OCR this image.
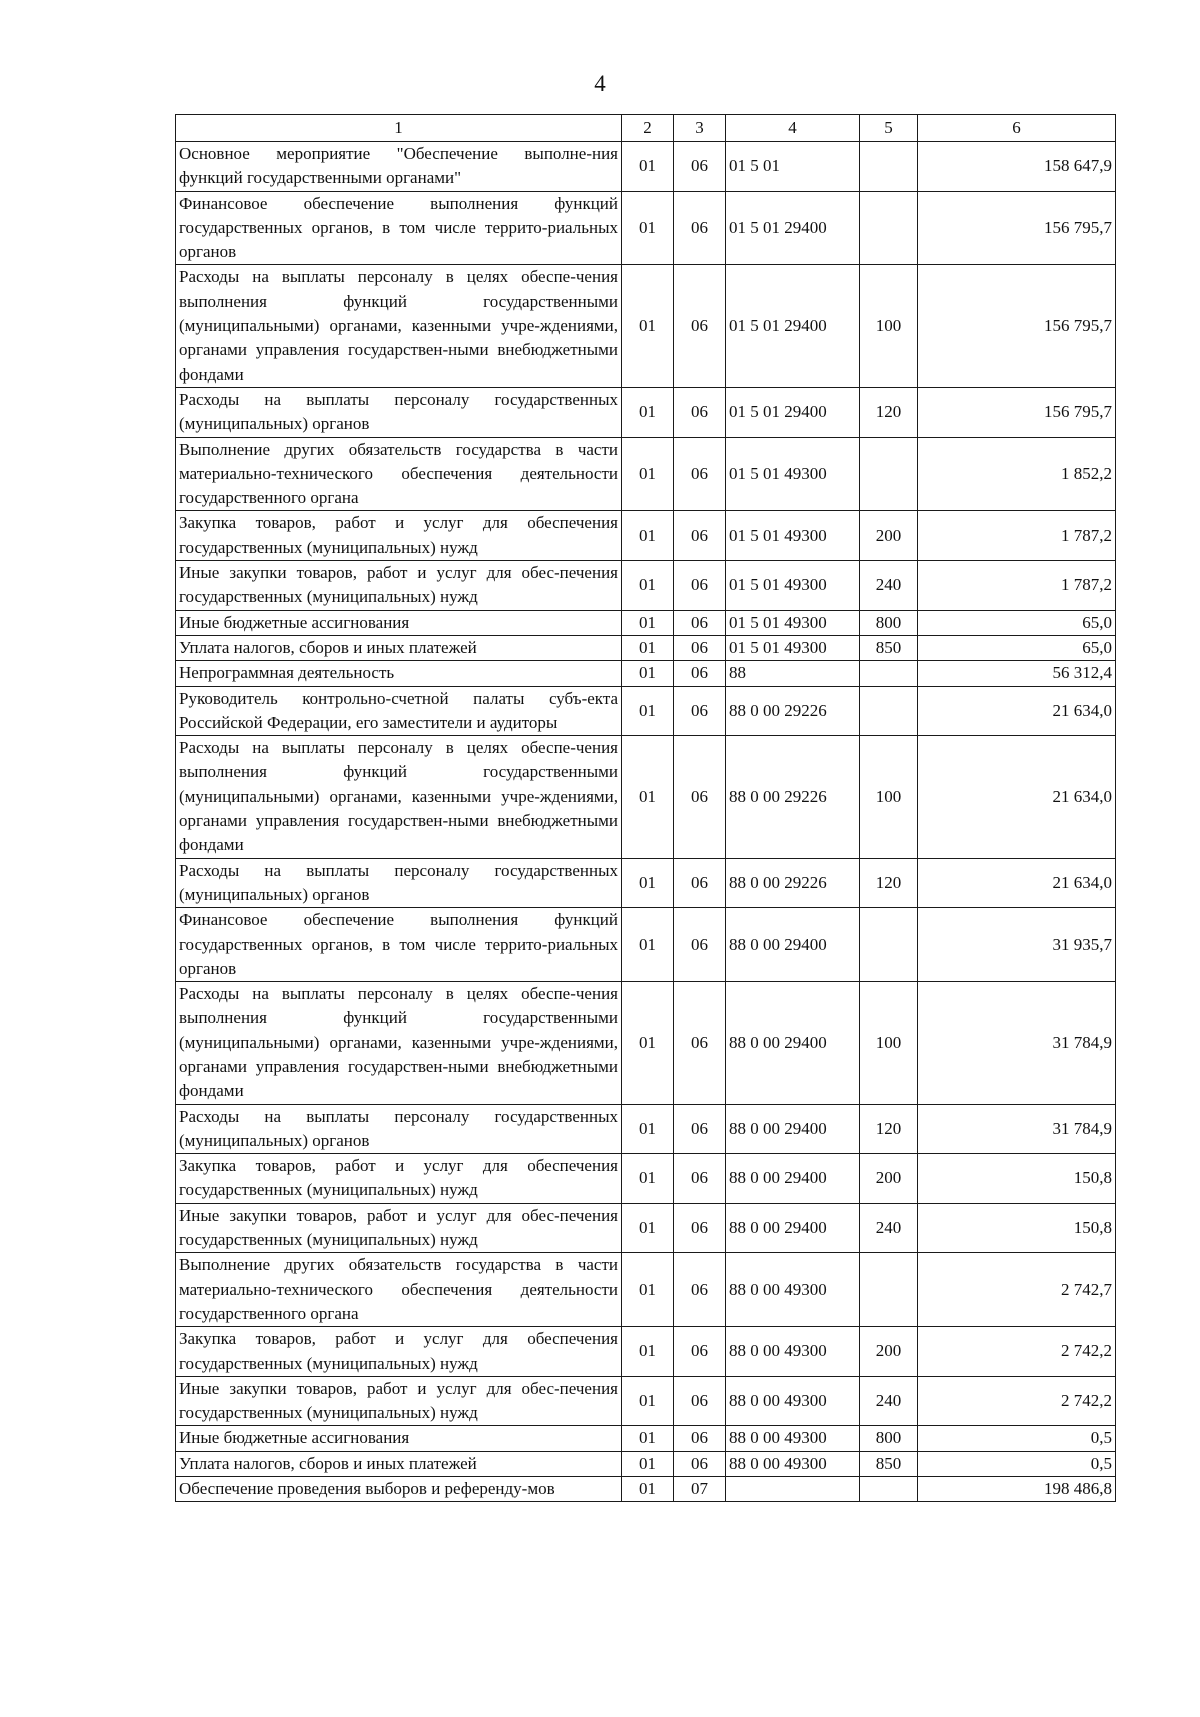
4
1	2	3	4	5	6
Основное мероприятие "Обеспечение выполне-ния функций государственными органами"	01	06	01 5 01		158 647,9
Финансовое обеспечение выполнения функций государственных органов, в том числе террито-риальных органов	01	06	01 5 01 29400		156 795,7
Расходы на выплаты персоналу в целях обеспе-чения выполнения функций государственными (муниципальными) органами, казенными учре-ждениями, органами управления государствен-ными внебюджетными фондами	01	06	01 5 01 29400	100	156 795,7
Расходы на выплаты персоналу государственных (муниципальных) органов	01	06	01 5 01 29400	120	156 795,7
Выполнение других обязательств государства в части материально-технического обеспечения деятельности государственного органа	01	06	01 5 01 49300		1 852,2
Закупка товаров, работ и услуг для обеспечения государственных (муниципальных) нужд	01	06	01 5 01 49300	200	1 787,2
Иные закупки товаров, работ и услуг для обес-печения государственных (муниципальных) нужд	01	06	01 5 01 49300	240	1 787,2
Иные бюджетные ассигнования	01	06	01 5 01 49300	800	65,0
Уплата налогов, сборов и иных платежей	01	06	01 5 01 49300	850	65,0
Непрограммная деятельность	01	06	88		56 312,4
Руководитель контрольно-счетной палаты субъ-екта Российской Федерации, его заместители и аудиторы	01	06	88 0 00 29226		21 634,0
Расходы на выплаты персоналу в целях обеспе-чения выполнения функций государственными (муниципальными) органами, казенными учре-ждениями, органами управления государствен-ными внебюджетными фондами	01	06	88 0 00 29226	100	21 634,0
Расходы на выплаты персоналу государственных (муниципальных) органов	01	06	88 0 00 29226	120	21 634,0
Финансовое обеспечение выполнения функций государственных органов, в том числе террито-риальных органов	01	06	88 0 00 29400		31 935,7
Расходы на выплаты персоналу в целях обеспе-чения выполнения функций государственными (муниципальными) органами, казенными учре-ждениями, органами управления государствен-ными внебюджетными фондами	01	06	88 0 00 29400	100	31 784,9
Расходы на выплаты персоналу государственных (муниципальных) органов	01	06	88 0 00 29400	120	31 784,9
Закупка товаров, работ и услуг для обеспечения государственных (муниципальных) нужд	01	06	88 0 00 29400	200	150,8
Иные закупки товаров, работ и услуг для обес-печения государственных (муниципальных) нужд	01	06	88 0 00 29400	240	150,8
Выполнение других обязательств государства в части материально-технического обеспечения деятельности государственного органа	01	06	88 0 00 49300		2 742,7
Закупка товаров, работ и услуг для обеспечения государственных (муниципальных) нужд	01	06	88 0 00 49300	200	2 742,2
Иные закупки товаров, работ и услуг для обес-печения государственных (муниципальных) нужд	01	06	88 0 00 49300	240	2 742,2
Иные бюджетные ассигнования	01	06	88 0 00 49300	800	0,5
Уплата налогов, сборов и иных платежей	01	06	88 0 00 49300	850	0,5
Обеспечение проведения выборов и референду-мов	01	07			198 486,8
